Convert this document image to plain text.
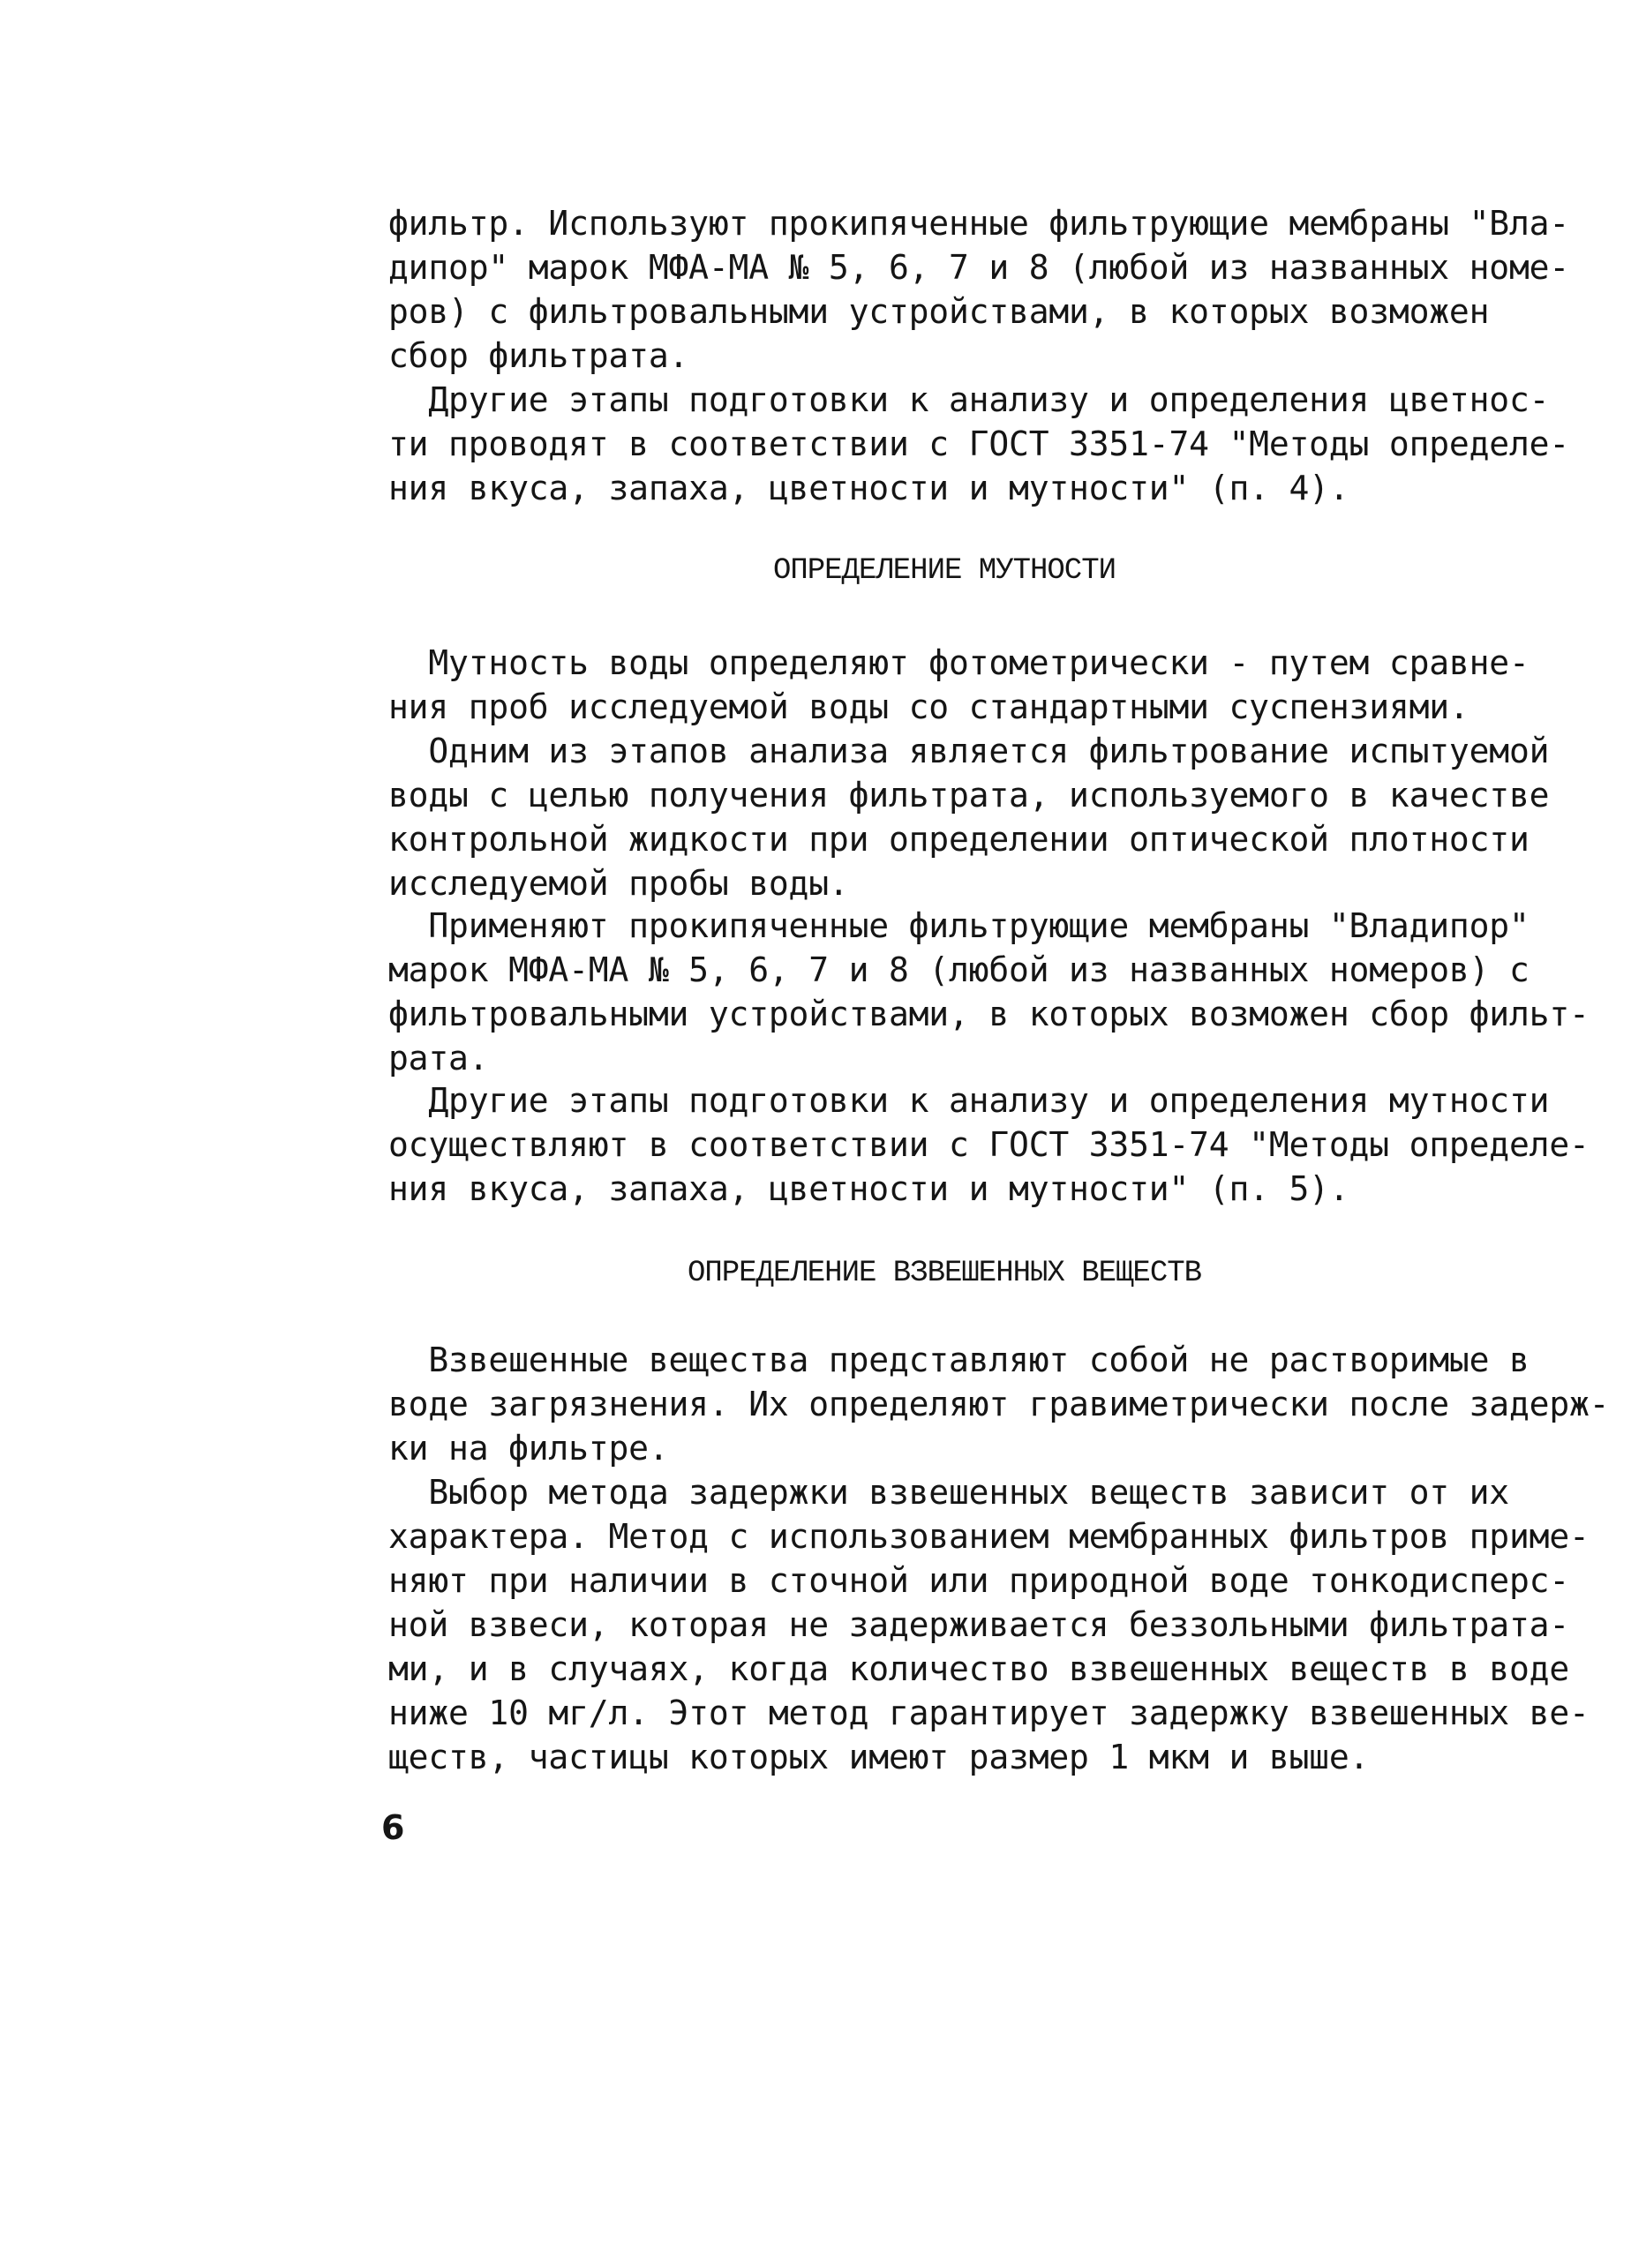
фильтр. Используют прокипяченные фильтрующие мембраны "Вла-
дипор" марок МФА-МА № 5, 6, 7 и 8 (любой из названных номе-
ров) с фильтровальными устройствами, в которых возможен
сбор фильтрата.
Другие этапы подготовки к анализу и определения цветнос-
ти проводят в соответствии с ГОСТ 3351-74 "Методы определе-
ния вкуса, запаха, цветности и мутности" (п. 4).
ОПРЕДЕЛЕНИЕ МУТНОСТИ
Мутность воды определяют фотометрически - путем сравне-
ния проб исследуемой воды со стандартными суспензиями.
Одним из этапов анализа является фильтрование испытуемой
воды с целью получения фильтрата, используемого в качестве
контрольной жидкости при определении оптической плотности
исследуемой пробы воды.
Применяют прокипяченные фильтрующие мембраны "Владипор"
марок МФА-МА № 5, 6, 7 и 8 (любой из названных номеров) с
фильтровальными устройствами, в которых возможен сбор фильт-
рата.
Другие этапы подготовки к анализу и определения мутности
осуществляют в соответствии с ГОСТ 3351-74 "Методы определе-
ния вкуса, запаха, цветности и мутности" (п. 5).
ОПРЕДЕЛЕНИЕ ВЗВЕШЕННЫХ ВЕЩЕСТВ
Взвешенные вещества представляют собой не растворимые в
воде загрязнения. Их определяют гравиметрически после задерж-
ки на фильтре.
Выбор метода задержки взвешенных веществ зависит от их
характера. Метод с использованием мембранных фильтров приме-
няют при наличии в сточной или природной воде тонкодисперс-
ной взвеси, которая не задерживается беззольными фильтрата-
ми, и в случаях, когда количество взвешенных веществ в воде
ниже 10 мг/л. Этот метод гарантирует задержку взвешенных ве-
ществ, частицы которых имеют размер 1 мкм и выше.
6
